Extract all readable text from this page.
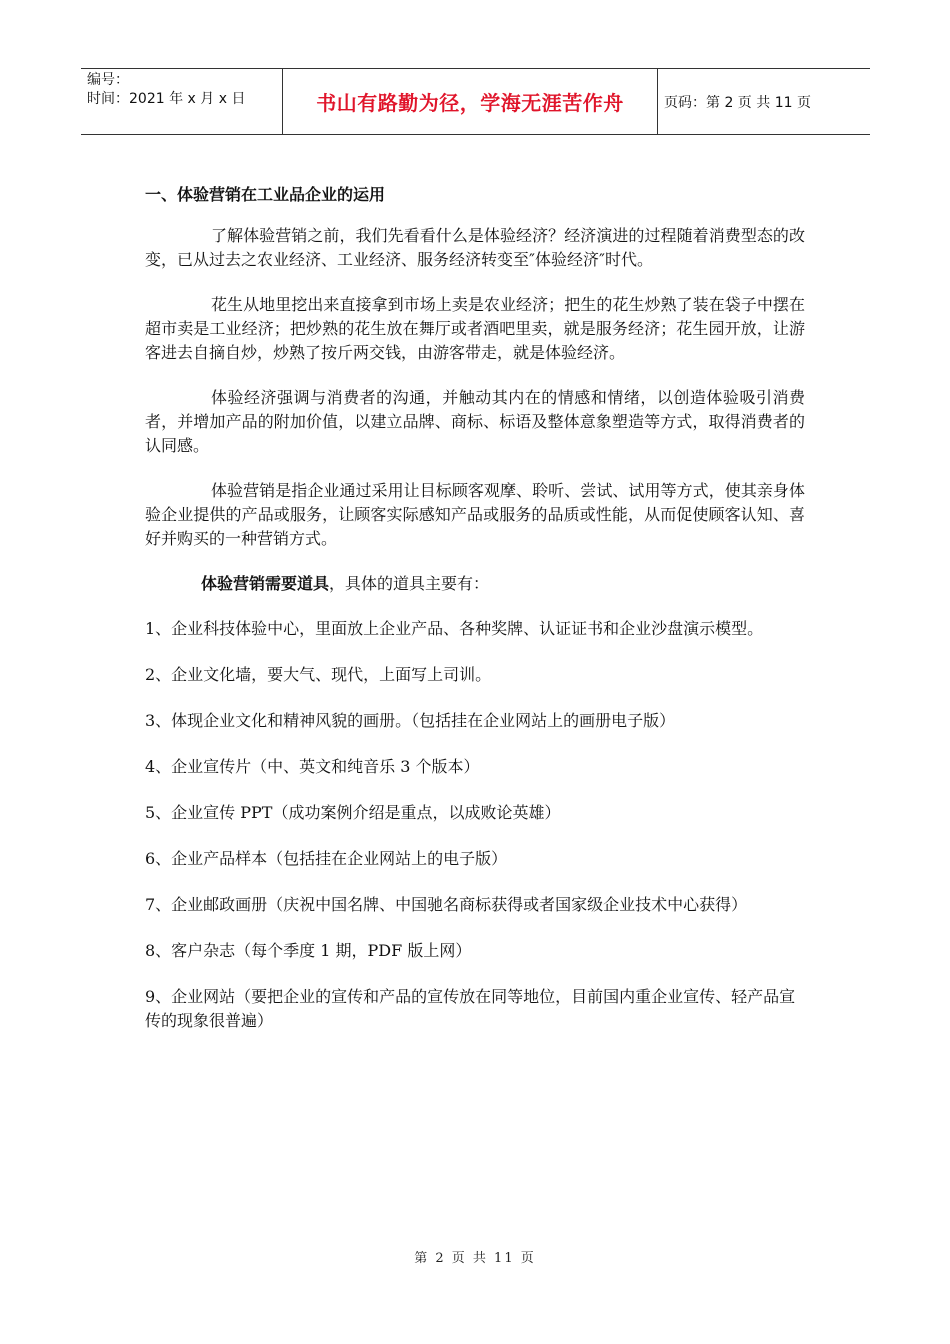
编号：
时间：2021 年 x 月 x 日	书山有路勤为径，学海无涯苦作舟	页码：第 2 页 共 11 页
一、体验营销在工业品企业的运用

了解体验营销之前，我们先看看什么是体验经济？经济演进的过程随着消费型态的改变，已从过去之农业经济、工业经济、服务经济转变至″体验经济″时代。

花生从地里挖出来直接拿到市场上卖是农业经济；把生的花生炒熟了装在袋子中摆在超市卖是工业经济；把炒熟的花生放在舞厅或者酒吧里卖，就是服务经济；花生园开放，让游客进去自摘自炒，炒熟了按斤两交钱，由游客带走，就是体验经济。

体验经济强调与消费者的沟通，并触动其内在的情感和情绪，以创造体验吸引消费者，并增加产品的附加价值，以建立品牌、商标、标语及整体意象塑造等方式，取得消费者的认同感。

体验营销是指企业通过采用让目标顾客观摩、聆听、尝试、试用等方式，使其亲身体验企业提供的产品或服务，让顾客实际感知产品或服务的品质或性能，从而促使顾客认知、喜好并购买的一种营销方式。

体验营销需要道具，具体的道具主要有：

1、企业科技体验中心，里面放上企业产品、各种奖牌、认证证书和企业沙盘演示模型。

2、企业文化墙，要大气、现代，上面写上司训。

3、体现企业文化和精神风貌的画册。（包括挂在企业网站上的画册电子版）

4、企业宣传片（中、英文和纯音乐 3 个版本）

5、企业宣传 PPT（成功案例介绍是重点，以成败论英雄）

6、企业产品样本（包括挂在企业网站上的电子版）

7、企业邮政画册（庆祝中国名牌、中国驰名商标获得或者国家级企业技术中心获得）

8、客户杂志（每个季度 1 期，PDF 版上网）

9、企业网站（要把企业的宣传和产品的宣传放在同等地位，目前国内重企业宣传、轻产品宣传的现象很普遍）

第 2 页 共 11 页
